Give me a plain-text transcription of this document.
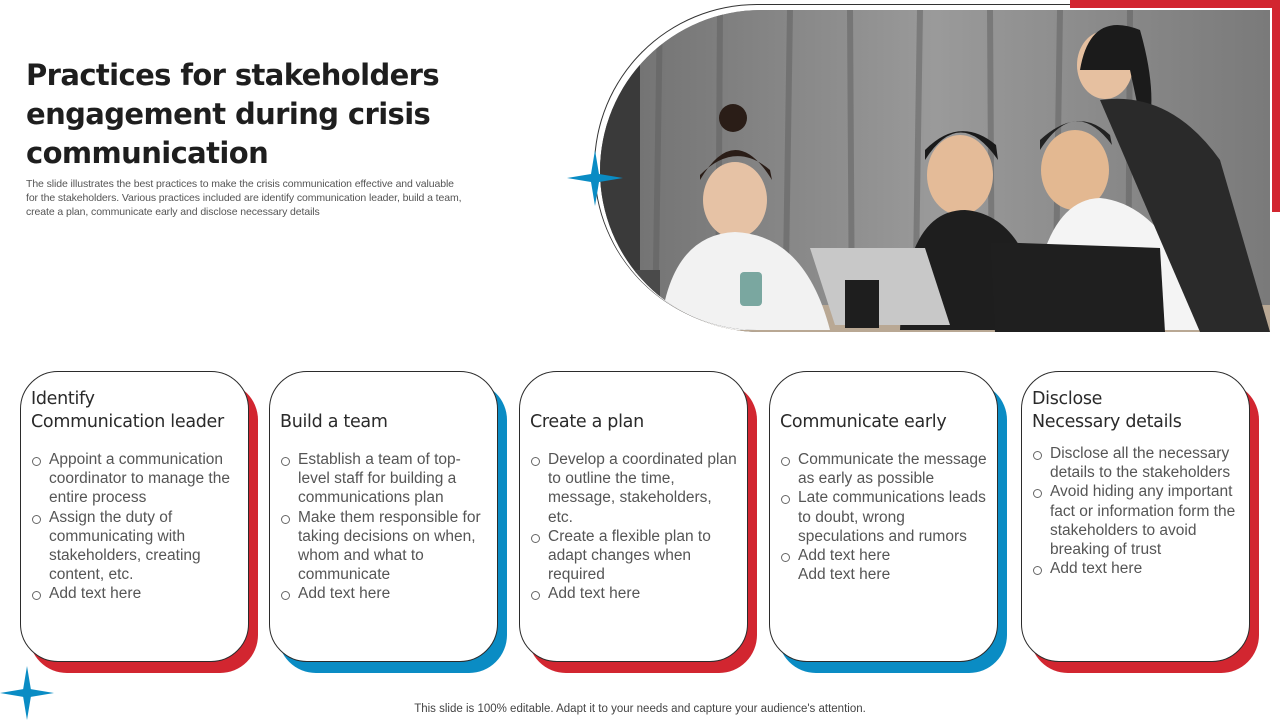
Practices for stakeholders engagement during crisis communication

The slide illustrates the best practices to make the crisis communication effective and valuable for the stakeholders. Various practices included are identify communication leader, build a team, create a plan, communicate early and disclose necessary details

Identify
Communication leader
Appoint a communication coordinator to manage the entire process
Assign the duty of communicating with stakeholders, creating content, etc.
Add text here
Build a team
Establish a team of top-level staff for building a communications plan
Make them responsible for taking decisions on when, whom and what to communicate
Add text here
Create a plan
Develop a coordinated plan to outline the time, message, stakeholders, etc.
Create a flexible plan to adapt changes when required
Add text here
Communicate early
Communicate the message as early as possible
Late communications leads to doubt, wrong speculations and rumors
Add text here
Add text here
Disclose
Necessary details
Disclose all the necessary details to the stakeholders
Avoid hiding any important fact or information form the stakeholders to avoid breaking of trust
Add text here
This slide is 100% editable. Adapt it to your needs and capture your audience's attention.
